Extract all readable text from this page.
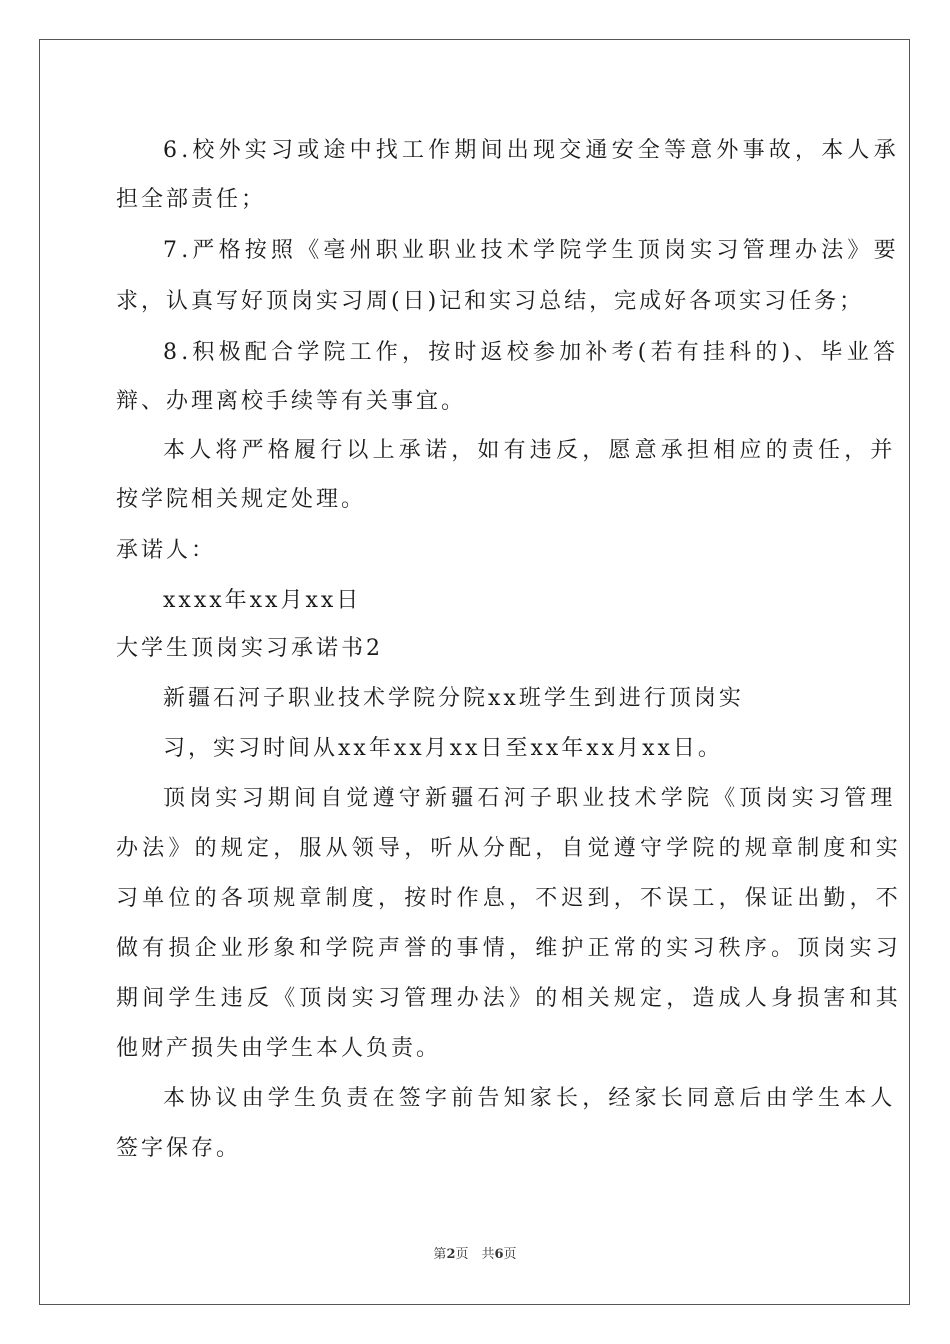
6.校外实习或途中找工作期间出现交通安全等意外事故，本人承
担全部责任；
7.严格按照《亳州职业职业技术学院学生顶岗实习管理办法》要
求，认真写好顶岗实习周(日)记和实习总结，完成好各项实习任务；
8.积极配合学院工作，按时返校参加补考(若有挂科的)、毕业答
辩、办理离校手续等有关事宜。
本人将严格履行以上承诺，如有违反，愿意承担相应的责任，并
按学院相关规定处理。
承诺人：
xxxx年xx月xx日
大学生顶岗实习承诺书2
新疆石河子职业技术学院分院xx班学生到进行顶岗实
习，实习时间从xx年xx月xx日至xx年xx月xx日。
顶岗实习期间自觉遵守新疆石河子职业技术学院《顶岗实习管理
办法》的规定，服从领导，听从分配，自觉遵守学院的规章制度和实
习单位的各项规章制度，按时作息，不迟到，不误工，保证出勤，不
做有损企业形象和学院声誉的事情，维护正常的实习秩序。顶岗实习
期间学生违反《顶岗实习管理办法》的相关规定，造成人身损害和其
他财产损失由学生本人负责。
本协议由学生负责在签字前告知家长，经家长同意后由学生本人
签字保存。
第2页　共6页
